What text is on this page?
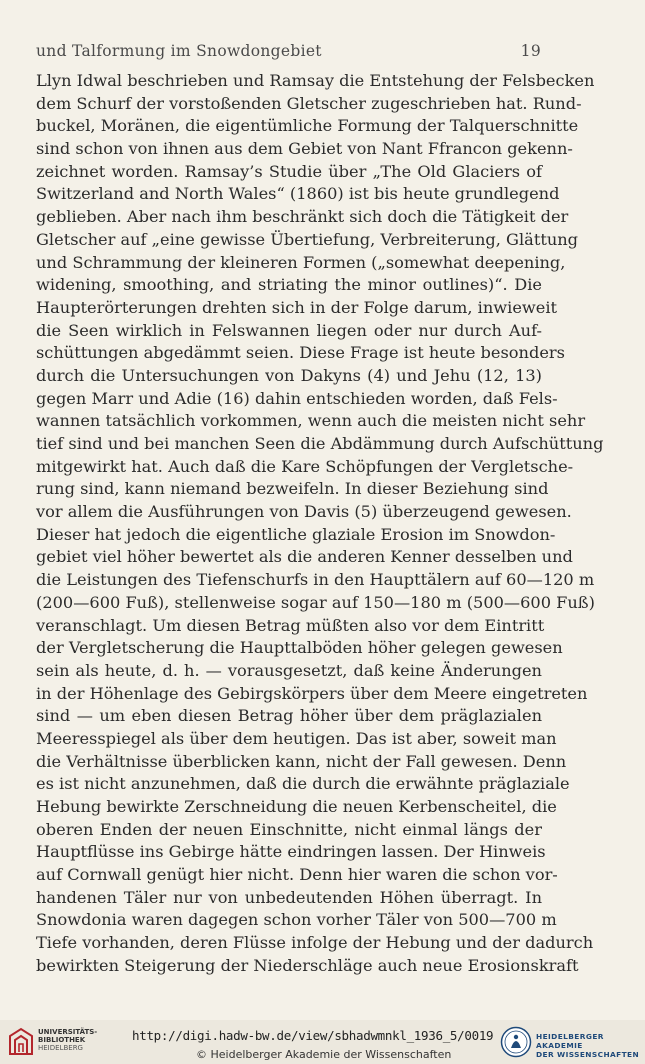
und Talformung im Snowdongebiet	19
Llyn Idwal beschrieben und Ramsay die Entstehung der Felsbecken
dem Schurf der vorstoßenden Gletscher zugeschrieben hat. Rund-
buckel, Moränen, die eigentümliche Formung der Talquerschnitte
sind schon von ihnen aus dem Gebiet von Nant Ffrancon gekenn-
zeichnet worden. Ramsay’s Studie über „The Old Glaciers of
Switzerland and North Wales“ (1860) ist bis heute grundlegend
geblieben. Aber nach ihm beschränkt sich doch die Tätigkeit der
Gletscher auf „eine gewisse Übertiefung, Verbreiterung, Glättung
und Schrammung der kleineren Formen („somewhat deepening,
widening, smoothing, and striating the minor outlines)“. Die
Haupterörterungen drehten sich in der Folge darum, inwieweit
die Seen wirklich in Felswannen liegen oder nur durch Auf-
schüttungen abgedämmt seien. Diese Frage ist heute besonders
durch die Untersuchungen von Dakyns (4) und Jehu (12, 13)
gegen Marr und Adie (16) dahin entschieden worden, daß Fels-
wannen tatsächlich vorkommen, wenn auch die meisten nicht sehr
tief sind und bei manchen Seen die Abdämmung durch Aufschüttung
mitgewirkt hat. Auch daß die Kare Schöpfungen der Vergletsche-
rung sind, kann niemand bezweifeln. In dieser Beziehung sind
vor allem die Ausführungen von Davis (5) überzeugend gewesen.
Dieser hat jedoch die eigentliche glaziale Erosion im Snowdon-
gebiet viel höher bewertet als die anderen Kenner desselben und
die Leistungen des Tiefenschurfs in den Haupttälern auf 60—120 m
(200—600 Fuß), stellenweise sogar auf 150—180 m (500—600 Fuß)
veranschlagt. Um diesen Betrag müßten also vor dem Eintritt
der Vergletscherung die Haupttalböden höher gelegen gewesen
sein als heute, d. h. — vorausgesetzt, daß keine Änderungen
in der Höhenlage des Gebirgskörpers über dem Meere eingetreten
sind — um eben diesen Betrag höher über dem präglazialen
Meeresspiegel als über dem heutigen. Das ist aber, soweit man
die Verhältnisse überblicken kann, nicht der Fall gewesen. Denn
es ist nicht anzunehmen, daß die durch die erwähnte präglaziale
Hebung bewirkte Zerschneidung die neuen Kerbenscheitel, die
oberen Enden der neuen Einschnitte, nicht einmal längs der
Hauptflüsse ins Gebirge hätte eindringen lassen. Der Hinweis
auf Cornwall genügt hier nicht. Denn hier waren die schon vor-
handenen Täler nur von unbedeutenden Höhen überragt. In
Snowdonia waren dagegen schon vorher Täler von 500—700 m
Tiefe vorhanden, deren Flüsse infolge der Hebung und der dadurch
bewirkten Steigerung der Niederschläge auch neue Erosionskraft
UNIVERSITÄTS-
BIBLIOTHEK
HEIDELBERG
http://digi.hadw-bw.de/view/sbhadwmnkl_1936_5/0019
© Heidelberger Akademie der Wissenschaften
HEIDELBERGER AKADEMIE
DER WISSENSCHAFTEN
